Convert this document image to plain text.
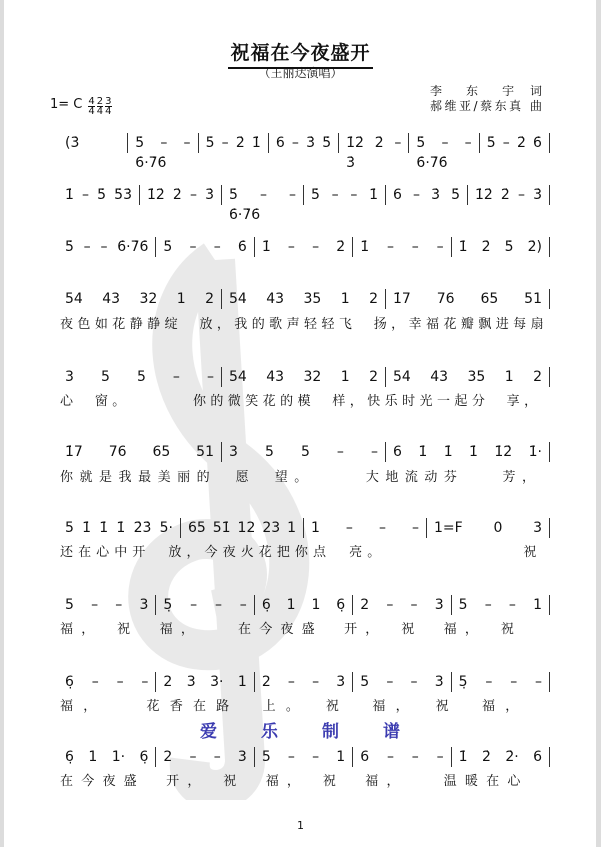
祝福在今夜盛开
（王丽达演唱）
1= C $\frac{4}{4} \frac{2}{4} \frac{3}{4}$
李　东　宇 词
郝维亚/蔡东真 曲
(3̇	5̇ – – 6̇·7̇6̇
5̇ – 2̇ 1̇	6 – 3̇ 5̇	1̇2̇ 2̇ – 3̇
5̇ – – 6̇·7̇6̇
5̇ – 2̇ 6̇
1̇ – 5̇ 5̇3̇	1̇2̇ 2̇ – 3̇	5̇ – – 6̇·7̇6̇
5̇ – – 1̇	6 – 3̇ 5̇	1̇2̇ 2̇ – 3̇
5̇ – – 6̇·7̇6̇	5̇ – – 6̇	1̇ – – 2̇	1̇ – – –	1̇ 2̇ 5̇ 2̇)
54 43 32 1 2	54 43 35 1 2	1̇7 76 65 51
夜色如花静静绽　放，我的歌声轻轻飞　扬，幸福花瓣飘进每扇
3 5 5 – –	54 43 32 1 2	54 43 35 1 2
心　窗。　　　　你的微笑花的模　样，快乐时光一起分　享，
1̇7 76 65 51	3 5 5 – –	6 1̇ 1̇ 1̇ 1̇2̇ 1̇·
你就是我最美丽的　愿　望。　　　大地流动芬　　芳，
5 1̇ 1̇ 1̇ 2̇3̇ 5·	65 51̇ 12 23 1	1 – – –	1=F 0 3
还在心中开　放，今夜火花把你点　亮。　　　　　　　　祝
5 – – 3	5̣ – – –	6̣ 1 1 6̣	2 – – 3	5 – – 1
福，　祝　福，　　在今夜盛　开，　祝　福，　祝
6̣ – – –	2 3 3· 1	2 – – 3	5 – – 3	5̣ – – –
福，　　花香在路　上。　祝　福，　祝　福，
6̣ 1 1· 6̣	2 – – 3	5 – – 1	6 – – –	1̇ 2̇ 2̇· 6
在今夜盛　开，　祝　福，　祝　福，　　温暖在心
爱	乐	制	谱
1
